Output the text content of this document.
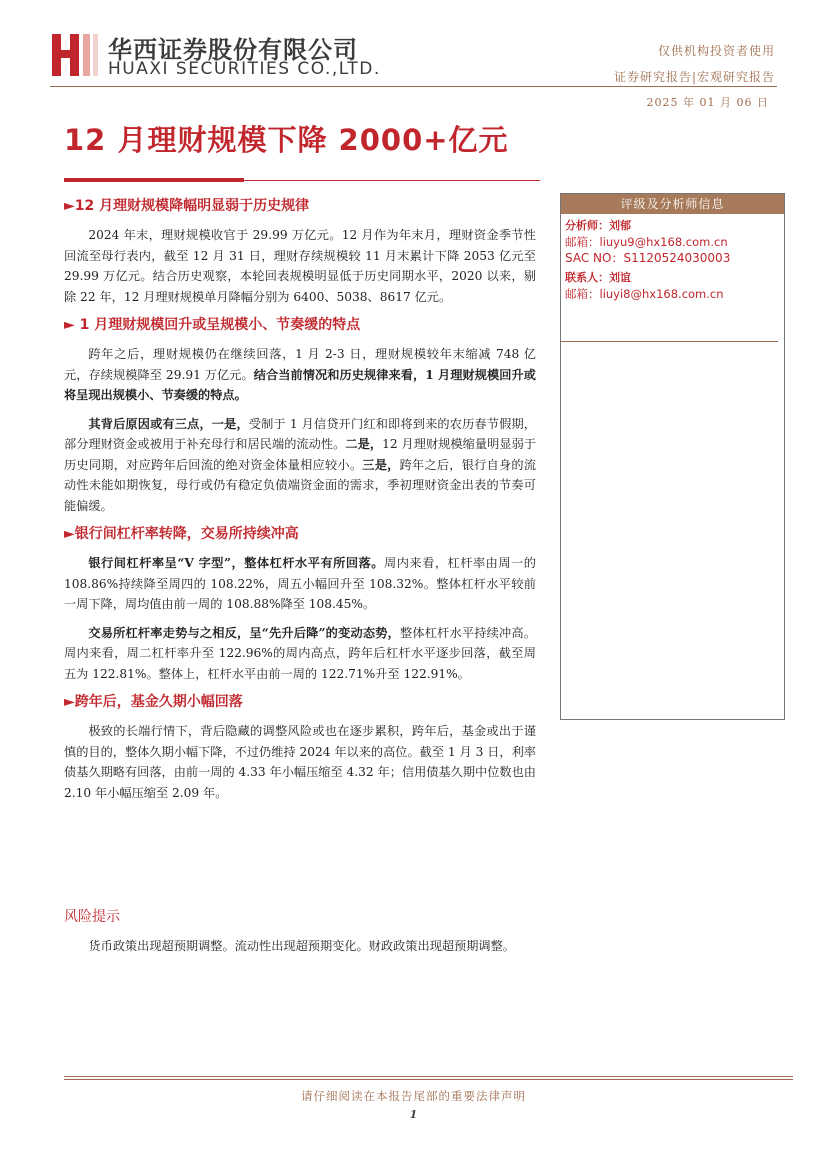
华西证券股份有限公司
HUAXI SECURITIES CO.,LTD.
仅供机构投资者使用
证券研究报告|宏观研究报告
2025 年 01 月 06 日
12 月理财规模下降 2000+亿元
►12 月理财规模降幅明显弱于历史规律

2024 年末，理财规模收官于 29.99 万亿元。12 月作为年末月，理财资金季节性回流至母行表内，截至 12 月 31 日，理财存续规模较 11 月末累计下降 2053 亿元至 29.99 万亿元。结合历史观察，本轮回表规模明显低于历史同期水平，2020 以来，剔除 22 年，12 月理财规模单月降幅分别为 6400、5038、8617 亿元。

► 1 月理财规模回升或呈规模小、节奏缓的特点

跨年之后，理财规模仍在继续回落，1 月 2-3 日，理财规模较年末缩减 748 亿元，存续规模降至 29.91 万亿元。结合当前情况和历史规律来看，1 月理财规模回升或将呈现出规模小、节奏缓的特点。

其背后原因或有三点，一是，受制于 1 月信贷开门红和即将到来的农历春节假期，部分理财资金或被用于补充母行和居民端的流动性。二是，12 月理财规模缩量明显弱于历史同期，对应跨年后回流的绝对资金体量相应较小。三是，跨年之后，银行自身的流动性未能如期恢复，母行或仍有稳定负债端资金面的需求，季初理财资金出表的节奏可能偏缓。

►银行间杠杆率转降，交易所持续冲高

银行间杠杆率呈“V 字型”，整体杠杆水平有所回落。周内来看，杠杆率由周一的 108.86%持续降至周四的 108.22%，周五小幅回升至 108.32%。整体杠杆水平较前一周下降，周均值由前一周的 108.88%降至 108.45%。

交易所杠杆率走势与之相反，呈“先升后降”的变动态势，整体杠杆水平持续冲高。周内来看，周二杠杆率升至 122.96%的周内高点，跨年后杠杆水平逐步回落，截至周五为 122.81%。整体上，杠杆水平由前一周的 122.71%升至 122.91%。

►跨年后，基金久期小幅回落

极致的长端行情下，背后隐藏的调整风险或也在逐步累积，跨年后，基金或出于谨慎的目的，整体久期小幅下降，不过仍维持 2024 年以来的高位。截至 1 月 3 日，利率债基久期略有回落，由前一周的 4.33 年小幅压缩至 4.32 年；信用债基久期中位数也由 2.10 年小幅压缩至 2.09 年。

风险提示

货币政策出现超预期调整。流动性出现超预期变化。财政政策出现超预期调整。

评级及分析师信息
分析师：刘郁
邮箱：liuyu9@hx168.com.cn
SAC NO：S1120524030003
联系人：刘谊
邮箱：liuyi8@hx168.com.cn
请仔细阅读在本报告尾部的重要法律声明
1
